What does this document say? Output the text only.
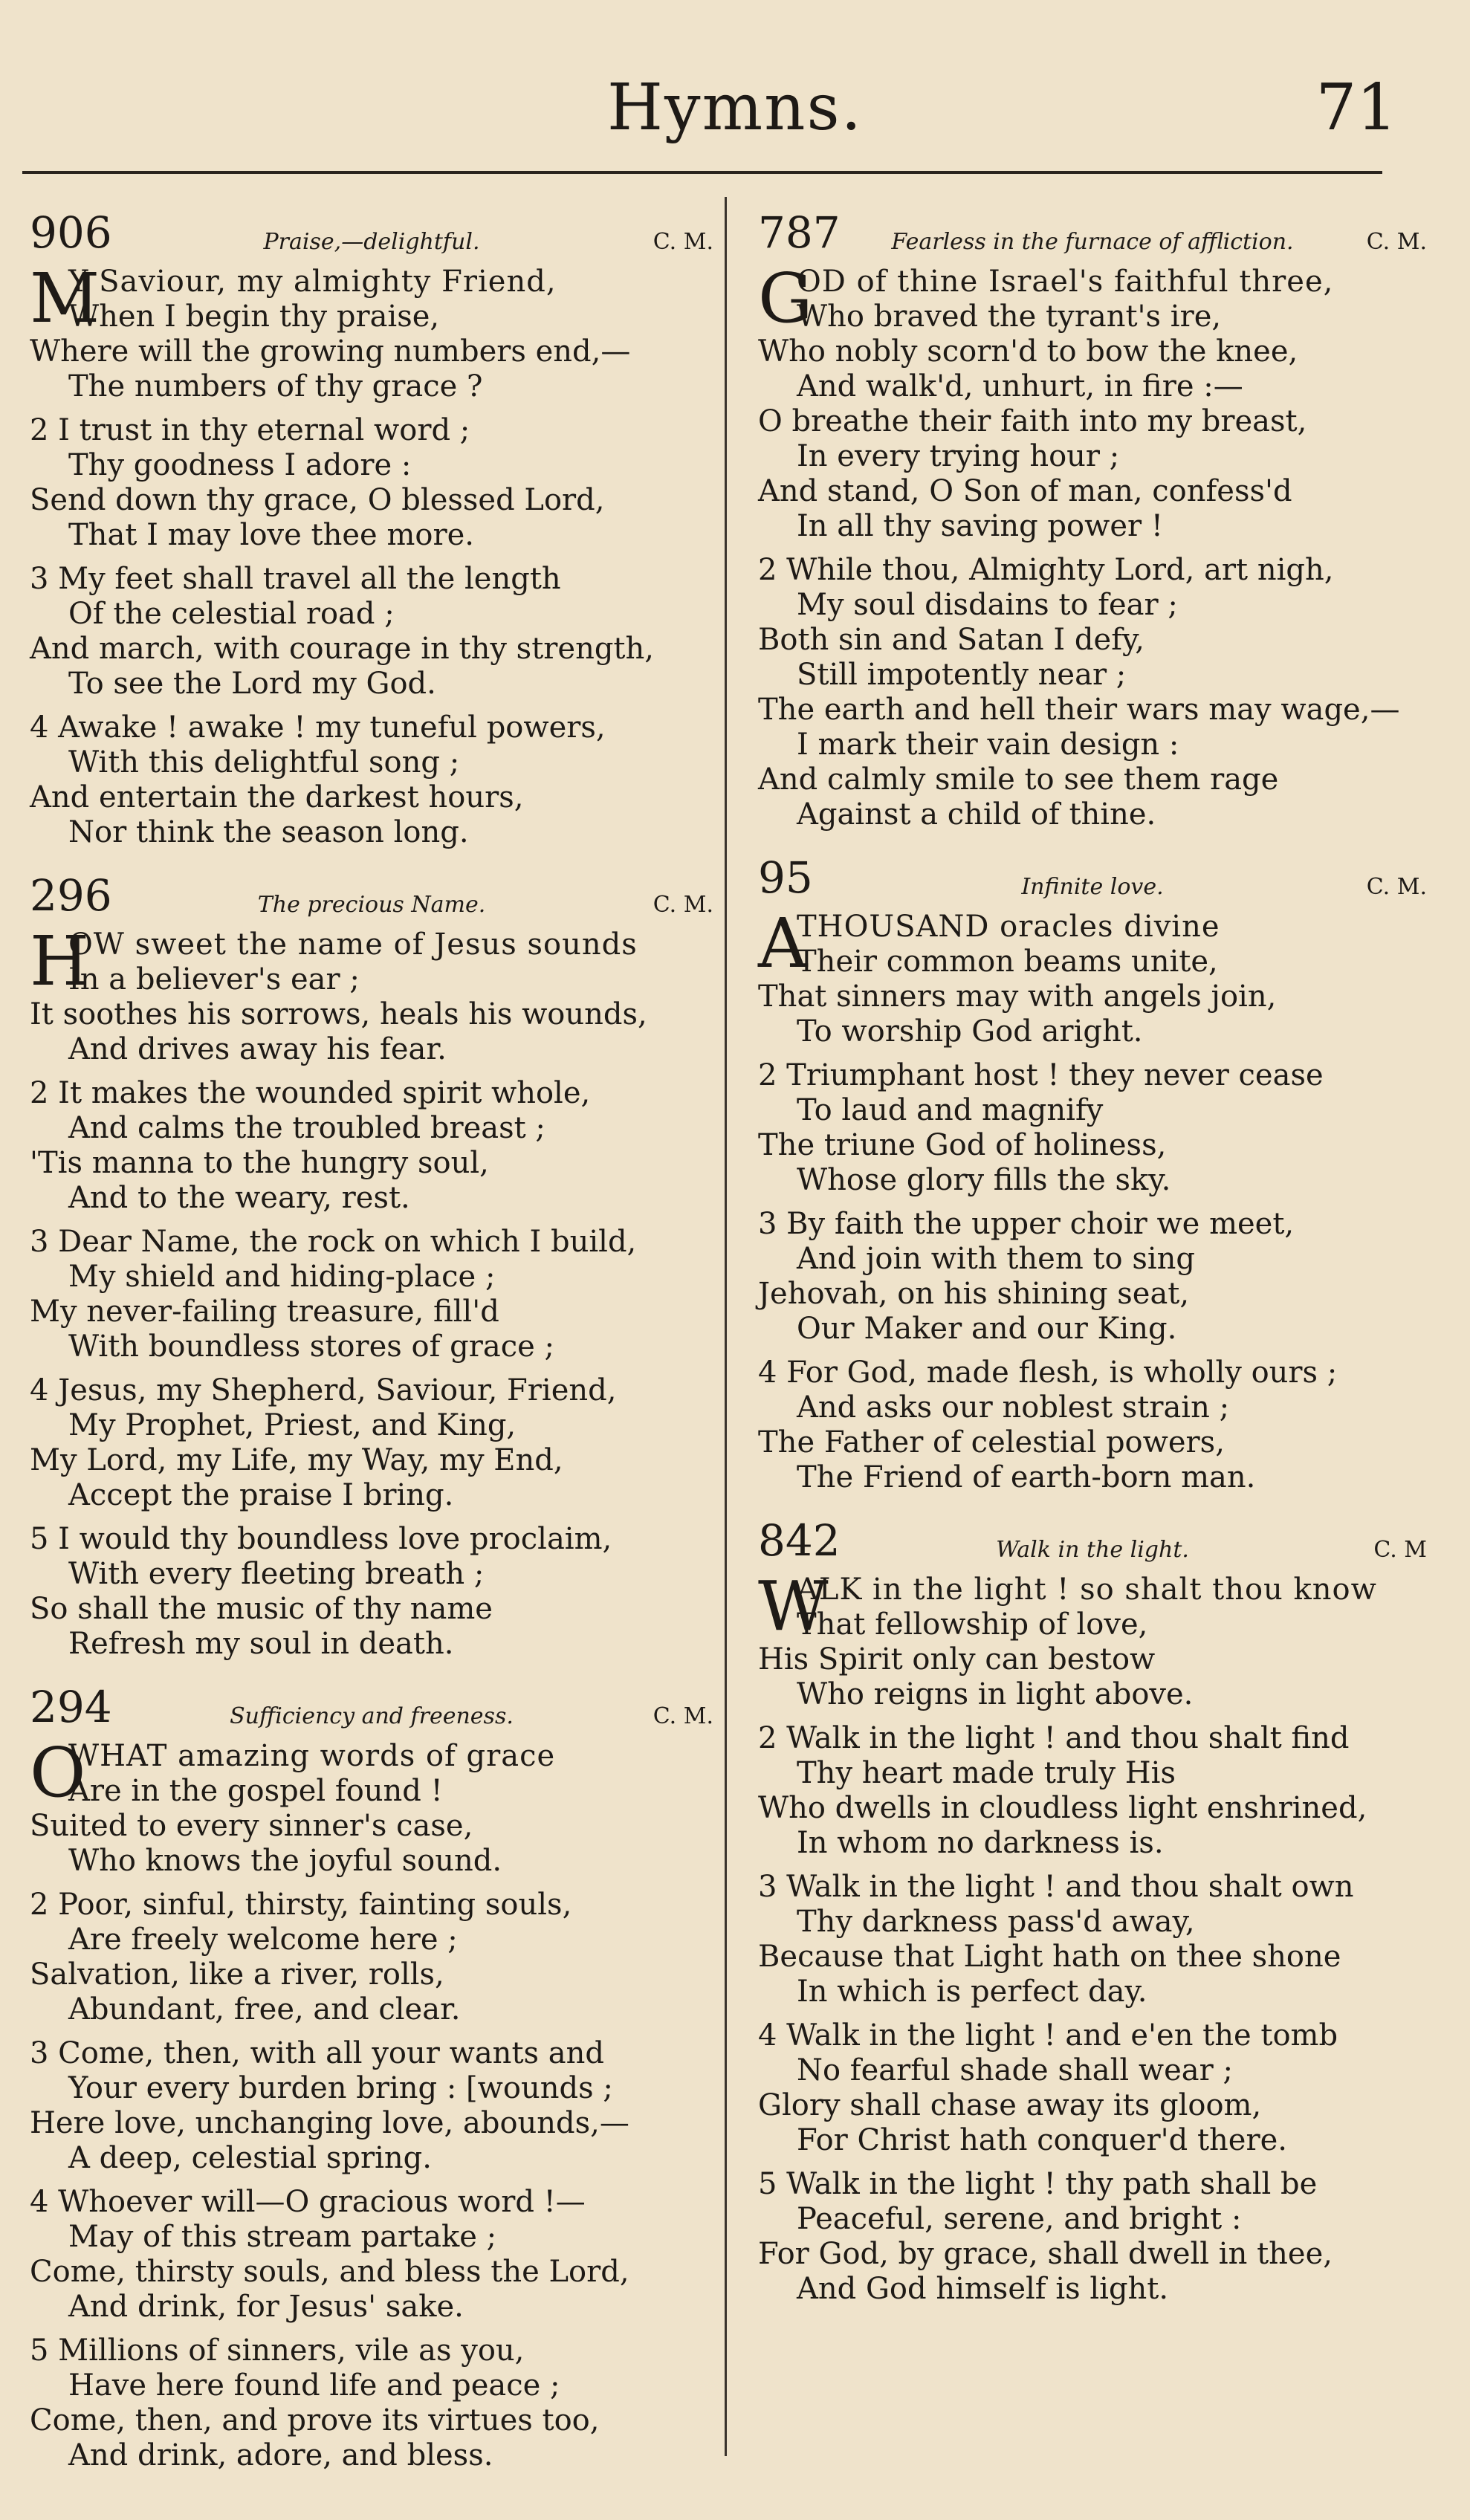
Hymns.	71
906	Praise,—delightful.	C. M.
M
Y Saviour, my almighty Friend,
When I begin thy praise,
Where will the growing numbers end,—
The numbers of thy grace ?
2 I trust in thy eternal word ;
Thy goodness I adore :
Send down thy grace, O blessed Lord,
That I may love thee more.
3 My feet shall travel all the length
Of the celestial road ;
And march, with courage in thy strength,
To see the Lord my God.
4 Awake ! awake ! my tuneful powers,
With this delightful song ;
And entertain the darkest hours,
Nor think the season long.
296	The precious Name.	C. M.
H
OW sweet the name of Jesus sounds
In a believer's ear ;
It soothes his sorrows, heals his wounds,
And drives away his fear.
2 It makes the wounded spirit whole,
And calms the troubled breast ;
'Tis manna to the hungry soul,
And to the weary, rest.
3 Dear Name, the rock on which I build,
My shield and hiding-place ;
My never-failing treasure, fill'd
With boundless stores of grace ;
4 Jesus, my Shepherd, Saviour, Friend,
My Prophet, Priest, and King,
My Lord, my Life, my Way, my End,
Accept the praise I bring.
5 I would thy boundless love proclaim,
With every fleeting breath ;
So shall the music of thy name
Refresh my soul in death.
294	Sufficiency and freeness.	C. M.
O
WHAT amazing words of grace
Are in the gospel found !
Suited to every sinner's case,
Who knows the joyful sound.
2 Poor, sinful, thirsty, fainting souls,
Are freely welcome here ;
Salvation, like a river, rolls,
Abundant, free, and clear.
3 Come, then, with all your wants and
Your every burden bring : [wounds ;
Here love, unchanging love, abounds,—
A deep, celestial spring.
4 Whoever will—O gracious word !—
May of this stream partake ;
Come, thirsty souls, and bless the Lord,
And drink, for Jesus' sake.
5 Millions of sinners, vile as you,
Have here found life and peace ;
Come, then, and prove its virtues too,
And drink, adore, and bless.
787	Fearless in the furnace of affliction.	C. M.
G
OD of thine Israel's faithful three,
Who braved the tyrant's ire,
Who nobly scorn'd to bow the knee,
And walk'd, unhurt, in fire :—
O breathe their faith into my breast,
In every trying hour ;
And stand, O Son of man, confess'd
In all thy saving power !
2 While thou, Almighty Lord, art nigh,
My soul disdains to fear ;
Both sin and Satan I defy,
Still impotently near ;
The earth and hell their wars may wage,—
I mark their vain design :
And calmly smile to see them rage
Against a child of thine.
95	Infinite love.	C. M.
A
THOUSAND oracles divine
Their common beams unite,
That sinners may with angels join,
To worship God aright.
2 Triumphant host ! they never cease
To laud and magnify
The triune God of holiness,
Whose glory fills the sky.
3 By faith the upper choir we meet,
And join with them to sing
Jehovah, on his shining seat,
Our Maker and our King.
4 For God, made flesh, is wholly ours ;
And asks our noblest strain ;
The Father of celestial powers,
The Friend of earth-born man.
842	Walk in the light.	C. M
W
ALK in the light ! so shalt thou know
That fellowship of love,
His Spirit only can bestow
Who reigns in light above.
2 Walk in the light ! and thou shalt find
Thy heart made truly His
Who dwells in cloudless light enshrined,
In whom no darkness is.
3 Walk in the light ! and thou shalt own
Thy darkness pass'd away,
Because that Light hath on thee shone
In which is perfect day.
4 Walk in the light ! and e'en the tomb
No fearful shade shall wear ;
Glory shall chase away its gloom,
For Christ hath conquer'd there.
5 Walk in the light ! thy path shall be
Peaceful, serene, and bright :
For God, by grace, shall dwell in thee,
And God himself is light.
